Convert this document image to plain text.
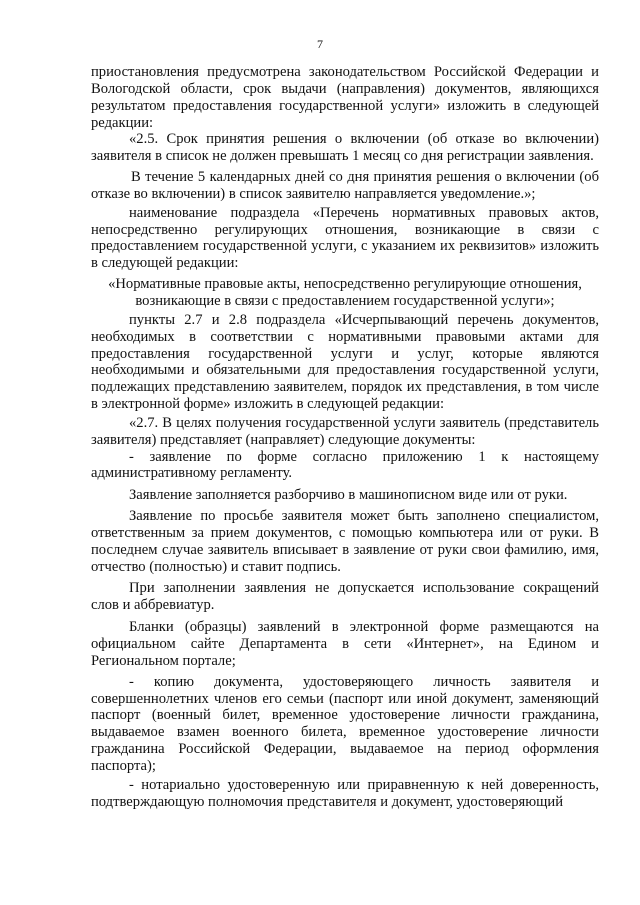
7

приостановления предусмотрена законодательством Российской Федерации и Вологодской области, срок выдачи (направления) документов, являющихся результатом предоставления государственной услуги» изложить в следующей редакции:

«2.5. Срок принятия решения о включении (об отказе во включении) заявителя в список не должен превышать 1 месяц со дня регистрации заявления.

В течение 5 календарных дней со дня принятия решения о включении (об отказе во включении) в список заявителю направляется уведомление.»;

наименование подраздела «Перечень нормативных правовых актов, непосредственно регулирующих отношения, возникающие в связи с предоставлением государственной услуги, с указанием их реквизитов» изложить в следующей редакции:

«Нормативные правовые акты, непосредственно регулирующие отношения, возникающие в связи с предоставлением государственной услуги»;

пункты 2.7 и 2.8 подраздела «Исчерпывающий перечень документов, необходимых в соответствии с нормативными правовыми актами для предоставления государственной услуги и услуг, которые являются необходимыми и обязательными для предоставления государственной услуги, подлежащих представлению заявителем, порядок их представления, в том числе в электронной форме» изложить в следующей редакции:

«2.7. В целях получения государственной услуги заявитель (представитель заявителя) представляет (направляет) следующие документы:

- заявление по форме согласно приложению 1 к настоящему административному регламенту.

Заявление заполняется разборчиво в машинописном виде или от руки.

Заявление по просьбе заявителя может быть заполнено специалистом, ответственным за прием документов, с помощью компьютера или от руки. В последнем случае заявитель вписывает в заявление от руки свои фамилию, имя, отчество (полностью) и ставит подпись.

При заполнении заявления не допускается использование сокращений слов и аббревиатур.

Бланки (образцы) заявлений в электронной форме размещаются на официальном сайте Департамента в сети «Интернет», на Едином и Региональном портале;

- копию документа, удостоверяющего личность заявителя и совершеннолетних членов его семьи (паспорт или иной документ, заменяющий паспорт (военный билет, временное удостоверение личности гражданина, выдаваемое взамен военного билета, временное удостоверение личности гражданина Российской Федерации, выдаваемое на период оформления паспорта);

- нотариально удостоверенную или приравненную к ней доверенность, подтверждающую полномочия представителя и документ, удостоверяющий
